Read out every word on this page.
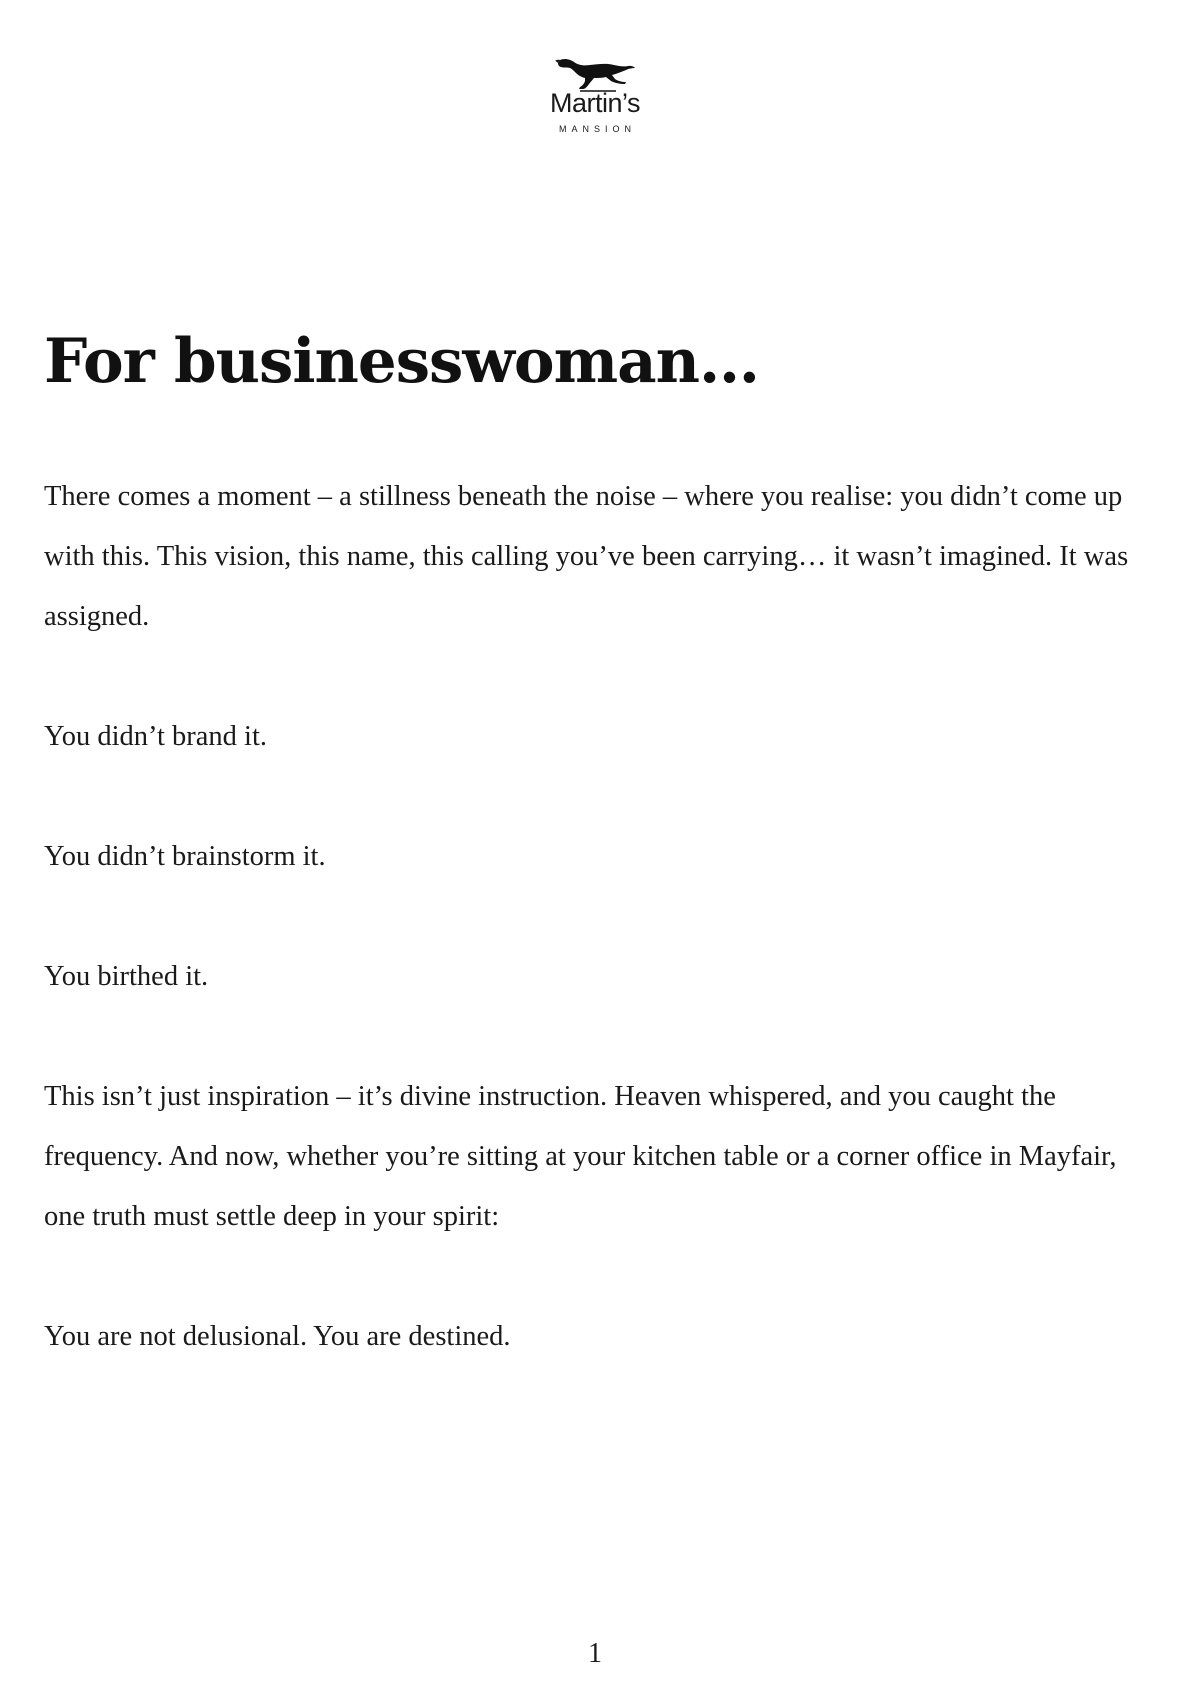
Martin’s
MANSION
For businesswoman…

There comes a moment – a stillness beneath the noise – where you realise: you didn’t come up with this. This vision, this name, this calling you’ve been carrying… it wasn’t imagined. It was assigned.

You didn’t brand it.

You didn’t brainstorm it.

You birthed it.

This isn’t just inspiration – it’s divine instruction. Heaven whispered, and you caught the frequency. And now, whether you’re sitting at your kitchen table or a corner office in Mayfair, one truth must settle deep in your spirit:

You are not delusional. You are destined.

1
